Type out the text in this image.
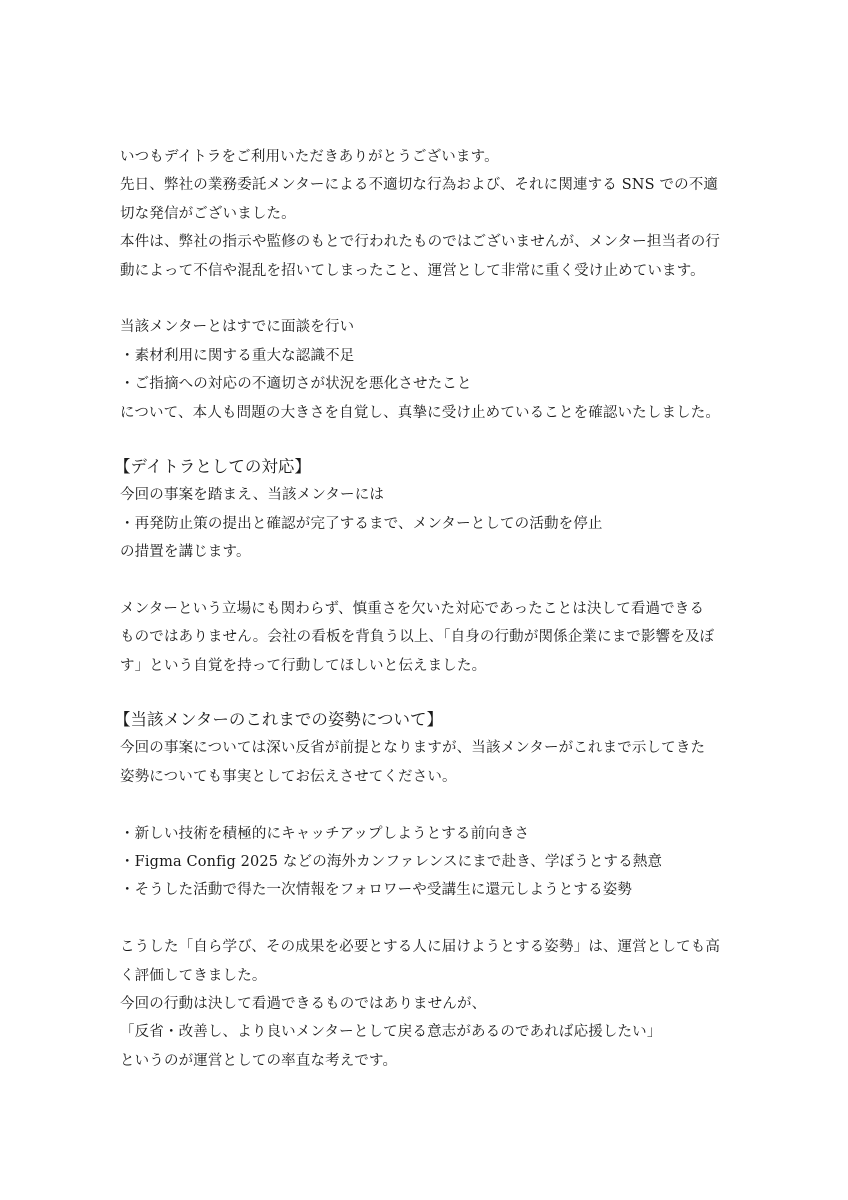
いつもデイトラをご利用いただきありがとうございます。
先日、弊社の業務委託メンターによる不適切な行為および、それに関連する SNS での不適
切な発信がございました。
本件は、弊社の指示や監修のもとで行われたものではございませんが、メンター担当者の行
動によって不信や混乱を招いてしまったこと、運営として非常に重く受け止めています。
当該メンターとはすでに面談を行い
・素材利用に関する重大な認識不足
・ご指摘への対応の不適切さが状況を悪化させたこと
について、本人も問題の大きさを自覚し、真摯に受け止めていることを確認いたしました。
【デイトラとしての対応】
今回の事案を踏まえ、当該メンターには
・再発防止策の提出と確認が完了するまで、メンターとしての活動を停止
の措置を講じます。
メンターという立場にも関わらず、慎重さを欠いた対応であったことは決して看過できる
ものではありません。会社の看板を背負う以上、「自身の行動が関係企業にまで影響を及ぼ
す」という自覚を持って行動してほしいと伝えました。
【当該メンターのこれまでの姿勢について】
今回の事案については深い反省が前提となりますが、当該メンターがこれまで示してきた
姿勢についても事実としてお伝えさせてください。
・新しい技術を積極的にキャッチアップしようとする前向きさ
・Figma Config 2025 などの海外カンファレンスにまで赴き、学ぼうとする熱意
・そうした活動で得た一次情報をフォロワーや受講生に還元しようとする姿勢
こうした「自ら学び、その成果を必要とする人に届けようとする姿勢」は、運営としても高
く評価してきました。
今回の行動は決して看過できるものではありませんが、
「反省・改善し、より良いメンターとして戻る意志があるのであれば応援したい」
というのが運営としての率直な考えです。
